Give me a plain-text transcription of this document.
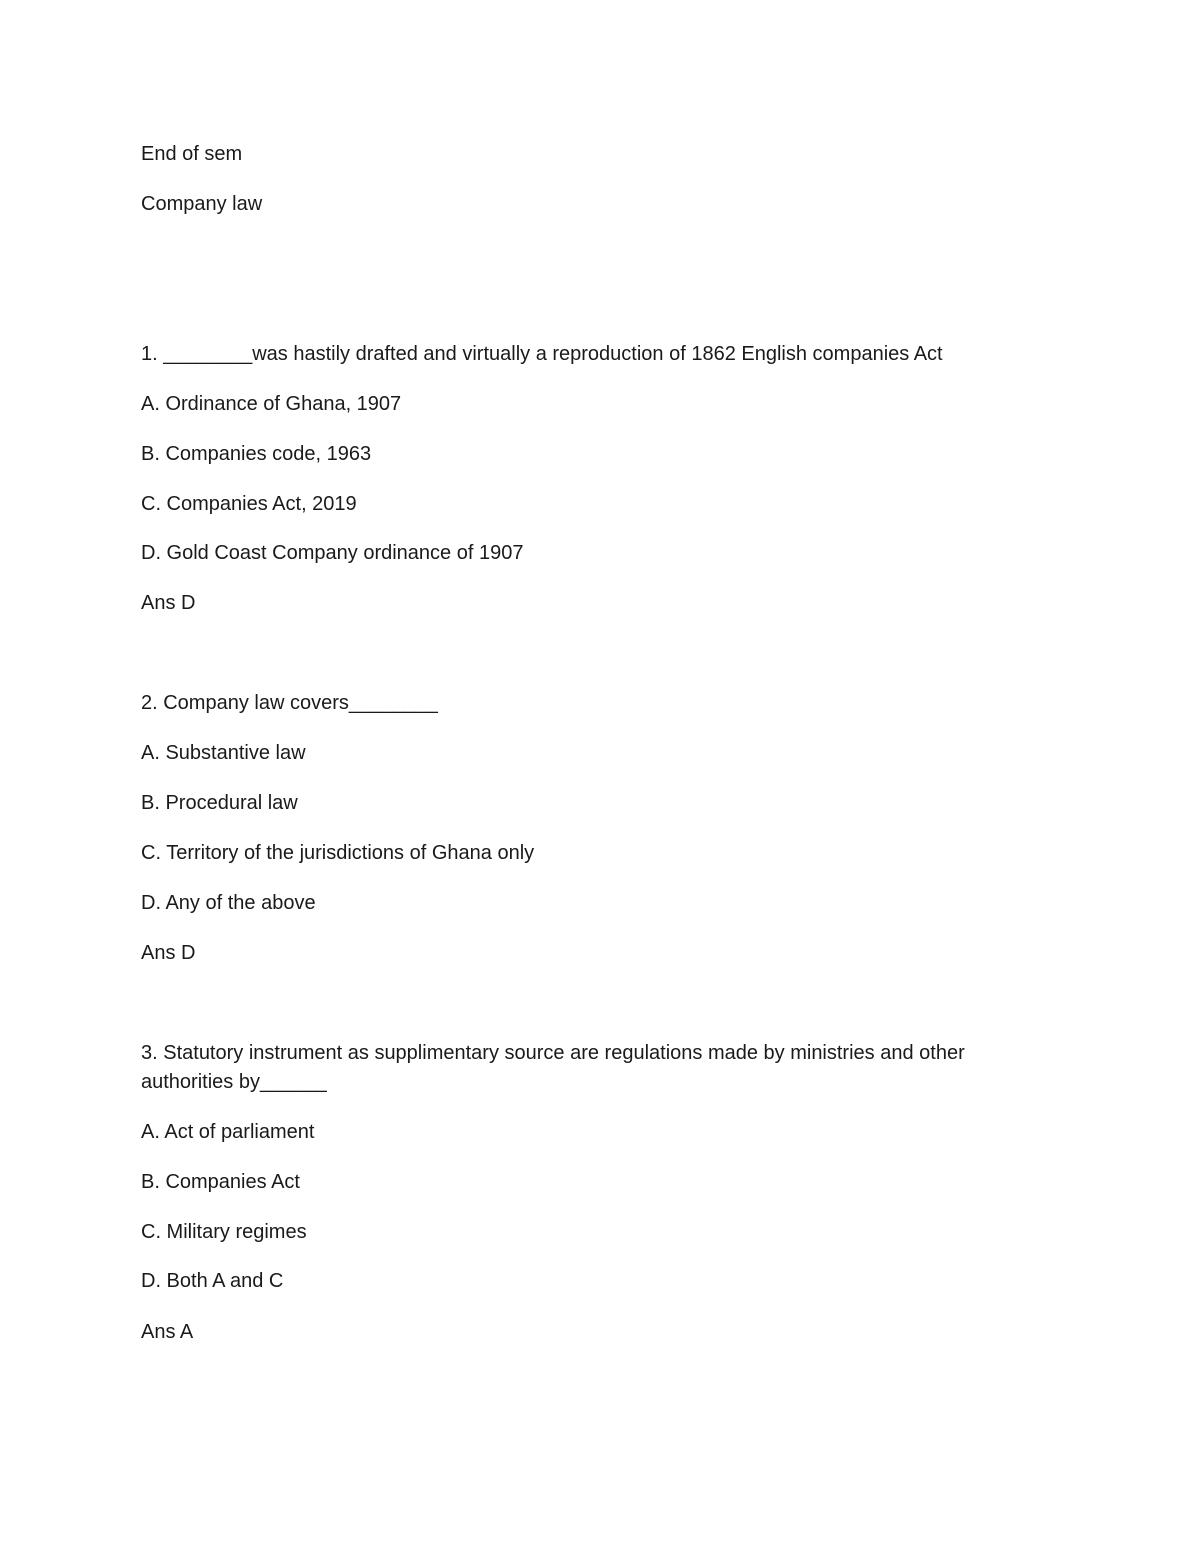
End of sem
Company law
1. ________was hastily drafted and virtually a reproduction of 1862 English companies Act
A. Ordinance of Ghana, 1907
B. Companies code, 1963
C. Companies Act, 2019
D. Gold Coast Company ordinance of 1907
Ans D
2. Company law covers________
A. Substantive law
B. Procedural law
C. Territory of the jurisdictions of Ghana only
D. Any of the above
Ans D
3. Statutory instrument as supplimentary source are regulations made by ministries and other authorities by______
A. Act of parliament
B. Companies Act
C. Military regimes
D. Both A and C
Ans A
